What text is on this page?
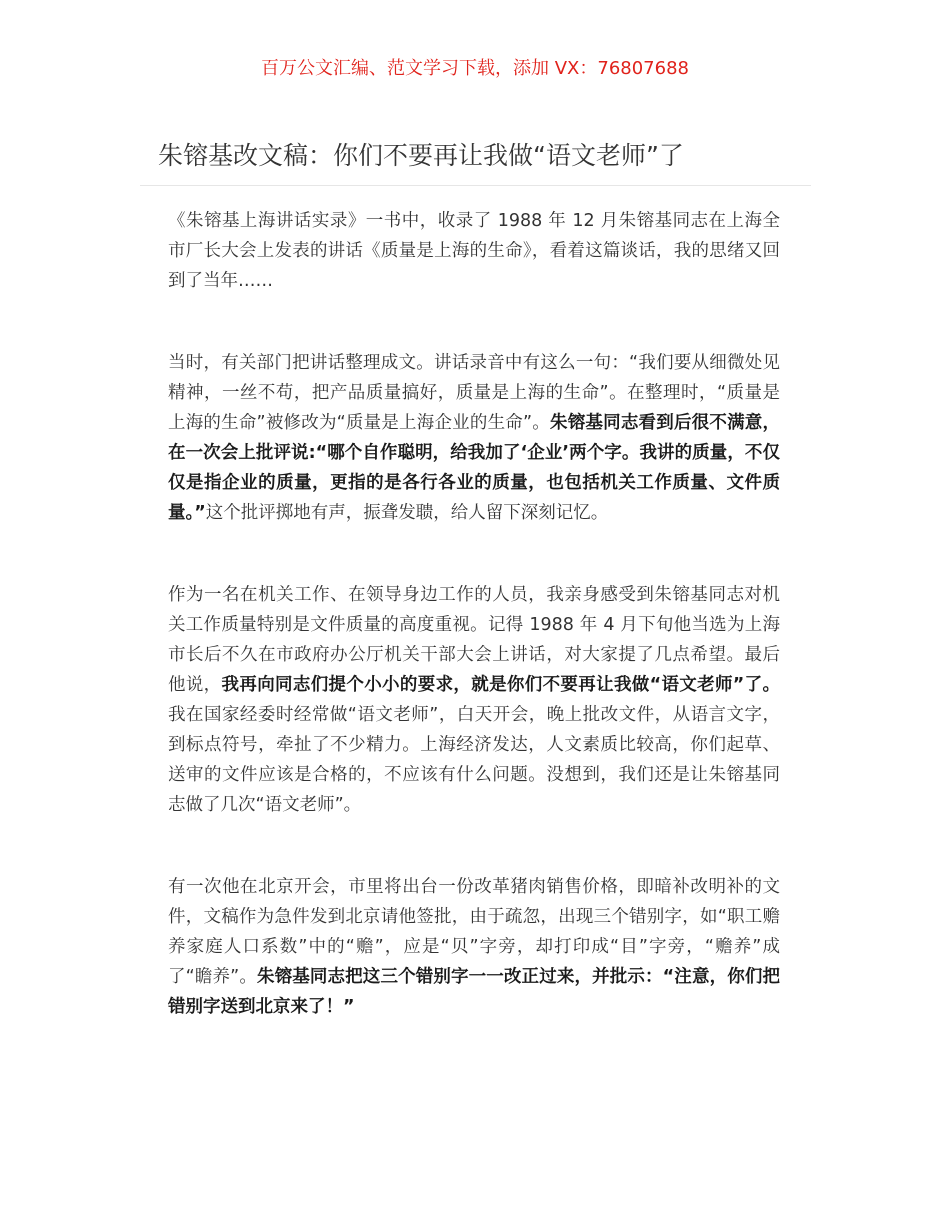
百万公文汇编、范文学习下载，添加 VX：76807688
朱镕基改文稿：你们不要再让我做“语文老师”了

《朱镕基上海讲话实录》一书中，收录了 1988 年 12 月朱镕基同志在上海全市厂长大会上发表的讲话《质量是上海的生命》，看着这篇谈话，我的思绪又回到了当年……

当时，有关部门把讲话整理成文。讲话录音中有这么一句：“我们要从细微处见精神，一丝不苟，把产品质量搞好，质量是上海的生命”。在整理时，“质量是上海的生命”被修改为“质量是上海企业的生命”。朱镕基同志看到后很不满意，在一次会上批评说:“哪个自作聪明，给我加了‘企业’两个字。我讲的质量，不仅仅是指企业的质量，更指的是各行各业的质量，也包括机关工作质量、文件质量。”这个批评掷地有声，振聋发聩，给人留下深刻记忆。

作为一名在机关工作、在领导身边工作的人员，我亲身感受到朱镕基同志对机关工作质量特别是文件质量的高度重视。记得 1988 年 4 月下旬他当选为上海市长后不久在市政府办公厅机关干部大会上讲话，对大家提了几点希望。最后他说，我再向同志们提个小小的要求，就是你们不要再让我做“语文老师”了。我在国家经委时经常做“语文老师”，白天开会，晚上批改文件，从语言文字，到标点符号，牵扯了不少精力。上海经济发达，人文素质比较高，你们起草、送审的文件应该是合格的，不应该有什么问题。没想到，我们还是让朱镕基同志做了几次“语文老师”。

有一次他在北京开会，市里将出台一份改革猪肉销售价格，即暗补改明补的文件，文稿作为急件发到北京请他签批，由于疏忽，出现三个错别字，如“职工赡养家庭人口系数”中的“赡”，应是“贝”字旁，却打印成“目”字旁，“赡养”成了“瞻养”。朱镕基同志把这三个错别字一一改正过来，并批示：“注意，你们把错别字送到北京来了！”
